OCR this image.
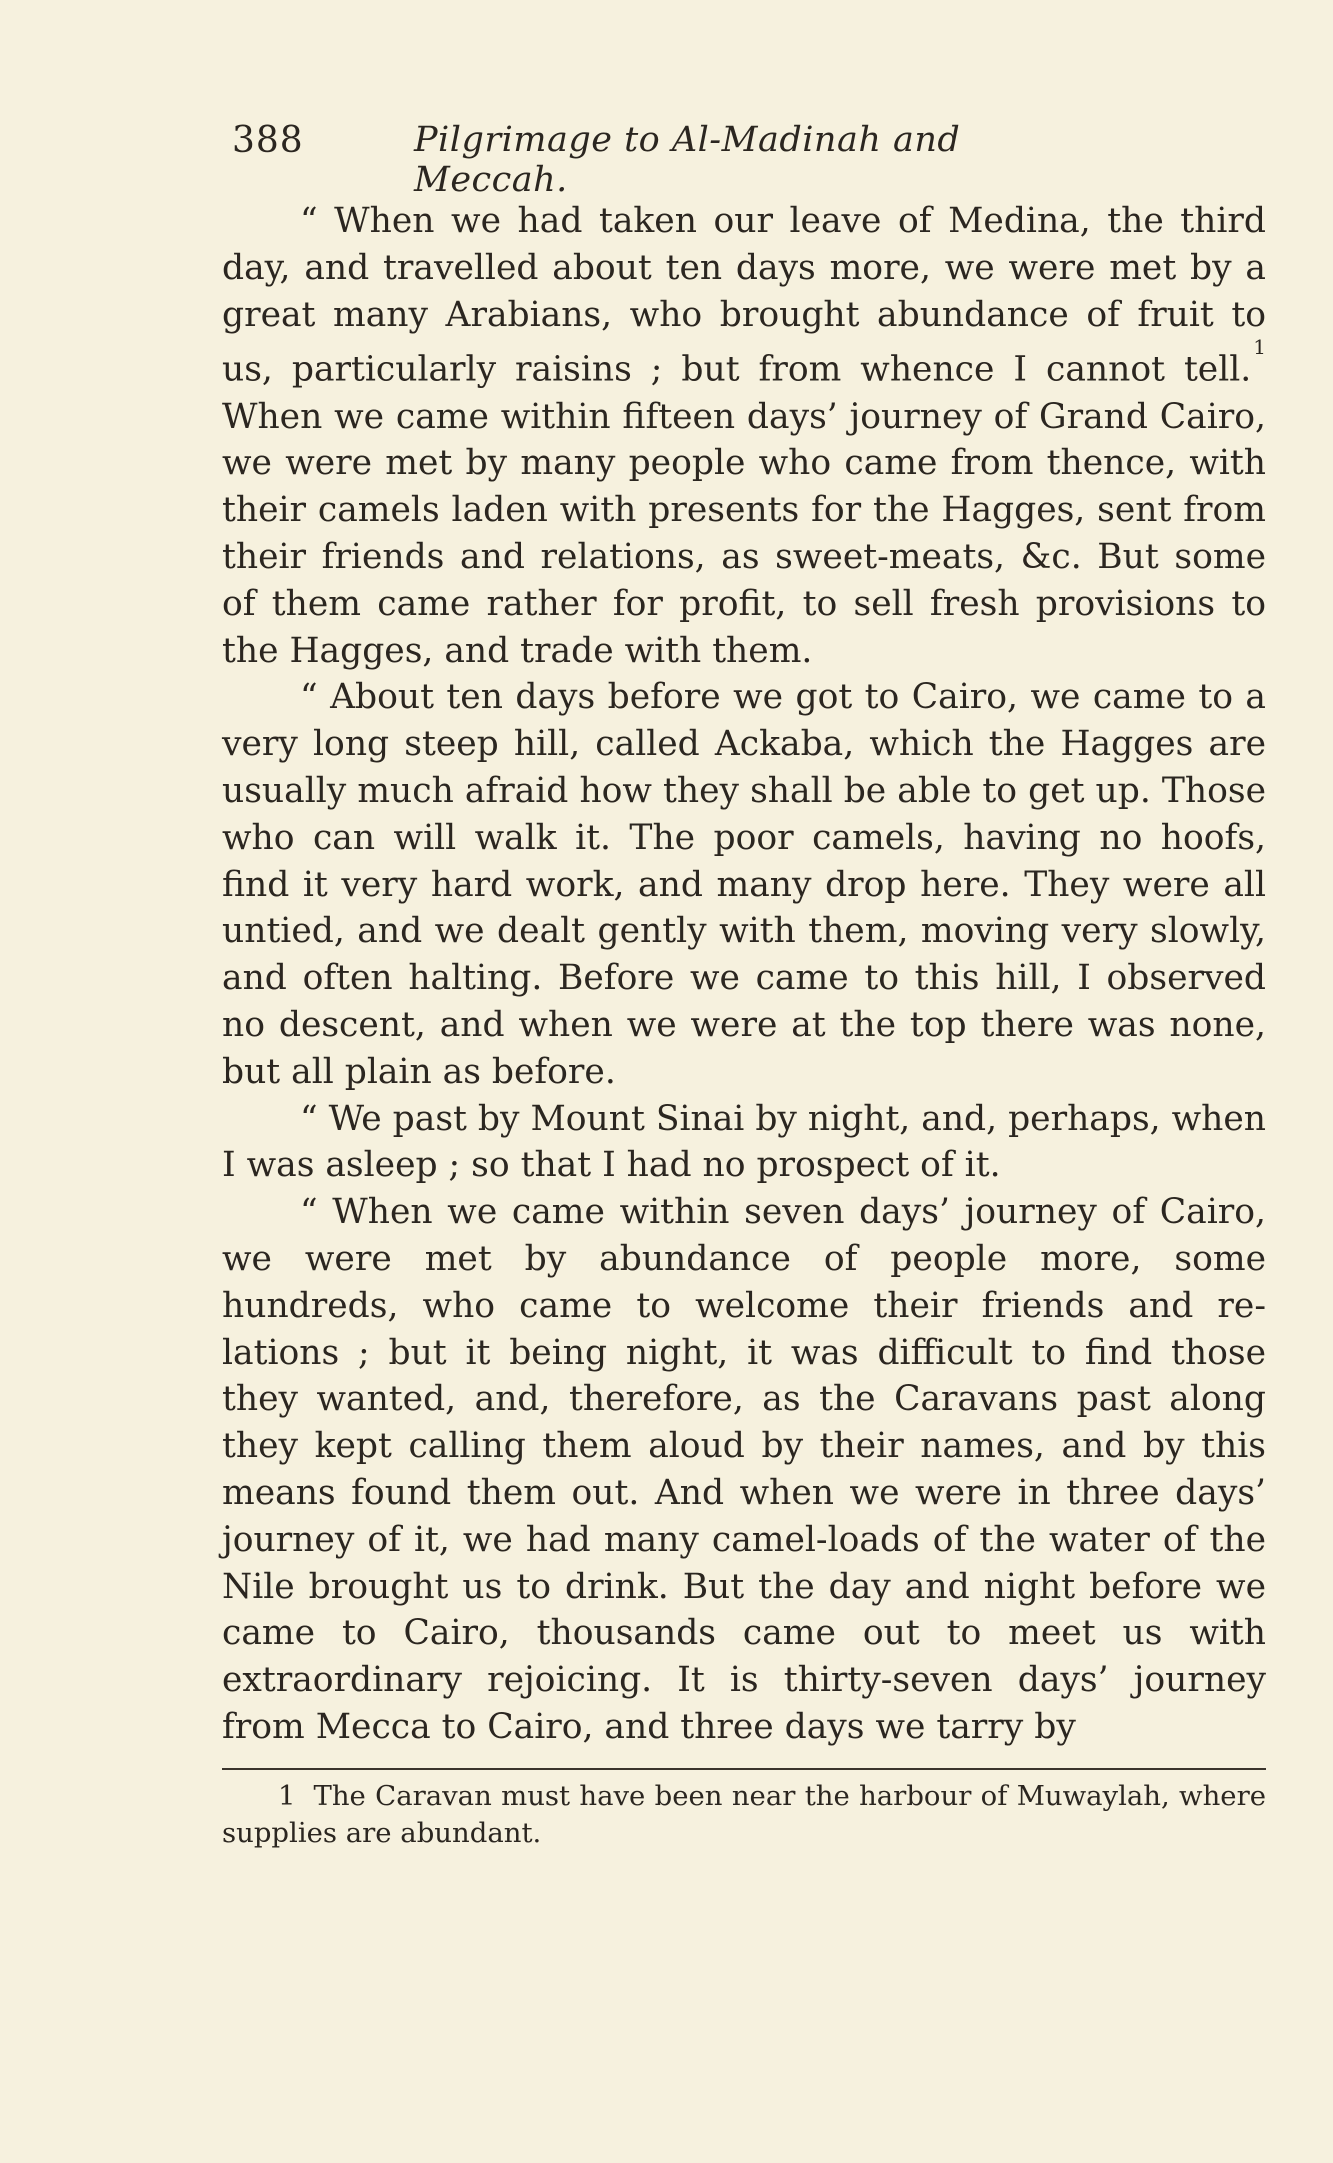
388	Pilgrimage to Al-Madinah and Meccah.

“ When we had taken our leave of Medina, the third day, and travelled about ten days more, we were met by a great many Arabians, who brought abundance of fruit to us, particularly raisins ; but from whence I cannot tell.$^1$ When we came within fifteen days’ journey of Grand Cairo, we were met by many people who came from thence, with their camels laden with presents for the Hagges, sent from their friends and relations, as sweet-meats, &c. But some of them came rather for profit, to sell fresh provisions to the Hagges, and trade with them.

“ About ten days before we got to Cairo, we came to a very long steep hill, called Ackaba, which the Hagges are usually much afraid how they shall be able to get up. Those who can will walk it. The poor camels, having no hoofs, find it very hard work, and many drop here. They were all untied, and we dealt gently with them, moving very slowly, and often halting. Before we came to this hill, I observed no descent, and when we were at the top there was none, but all plain as before.

“ We past by Mount Sinai by night, and, perhaps, when I was asleep ; so that I had no prospect of it.

“ When we came within seven days’ journey of Cairo, we were met by abundance of people more, some hundreds, who came to welcome their friends and re-lations ; but it being night, it was difficult to find those they wanted, and, therefore, as the Caravans past along they kept calling them aloud by their names, and by this means found them out. And when we were in three days’ journey of it, we had many camel-loads of the water of the Nile brought us to drink. But the day and night before we came to Cairo, thousands came out to meet us with extraordinary rejoicing. It is thirty-seven days’ journey from Mecca to Cairo, and three days we tarry by

1 The Caravan must have been near the harbour of Muwaylah, where supplies are abundant.
